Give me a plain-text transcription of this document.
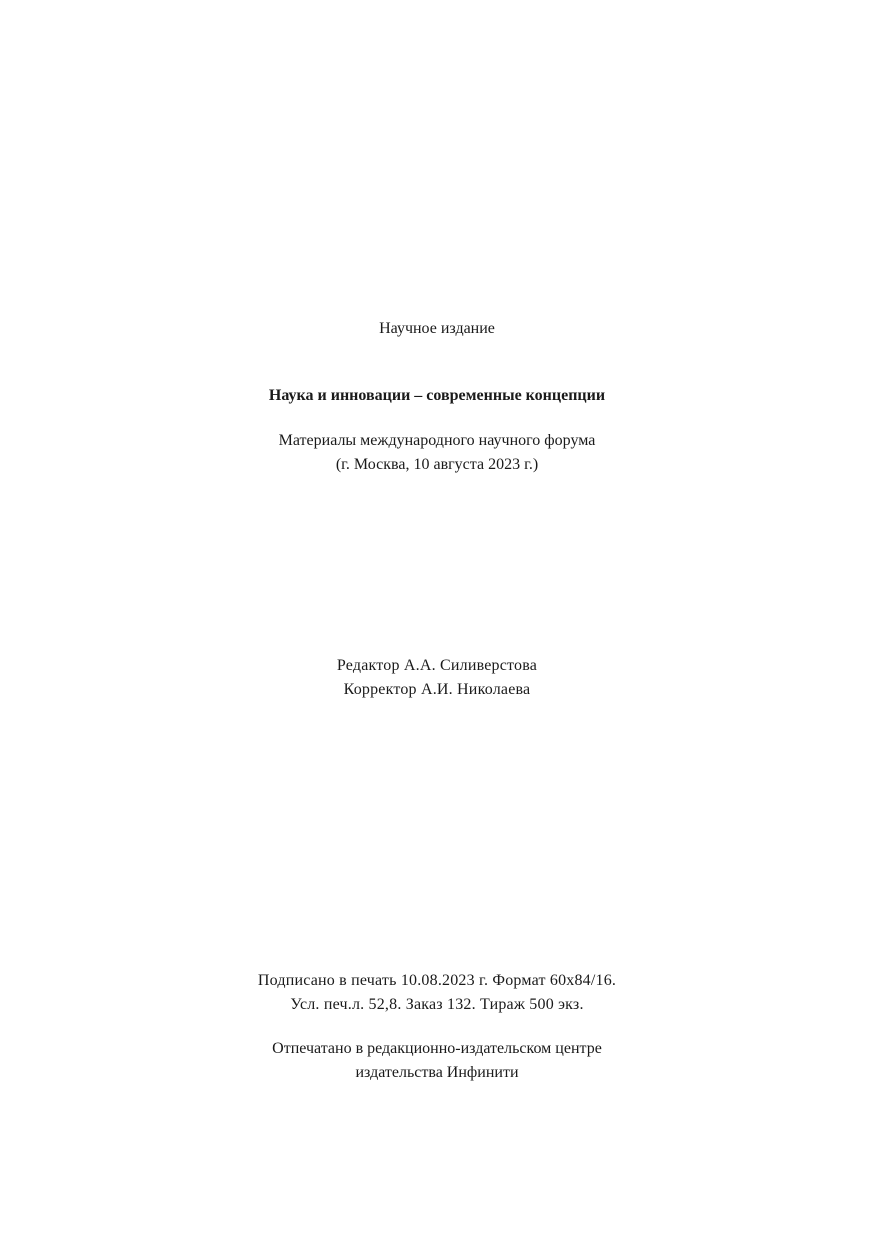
Научное издание
Наука и инновации – современные концепции
Материалы международного научного форума
(г. Москва, 10 августа 2023 г.)
Редактор А.А. Силиверстова
Корректор А.И. Николаева
Подписано в печать 10.08.2023 г. Формат 60х84/16.
Усл. печ.л. 52,8. Заказ 132. Тираж 500 экз.
Отпечатано в редакционно-издательском центре
издательства Инфинити
